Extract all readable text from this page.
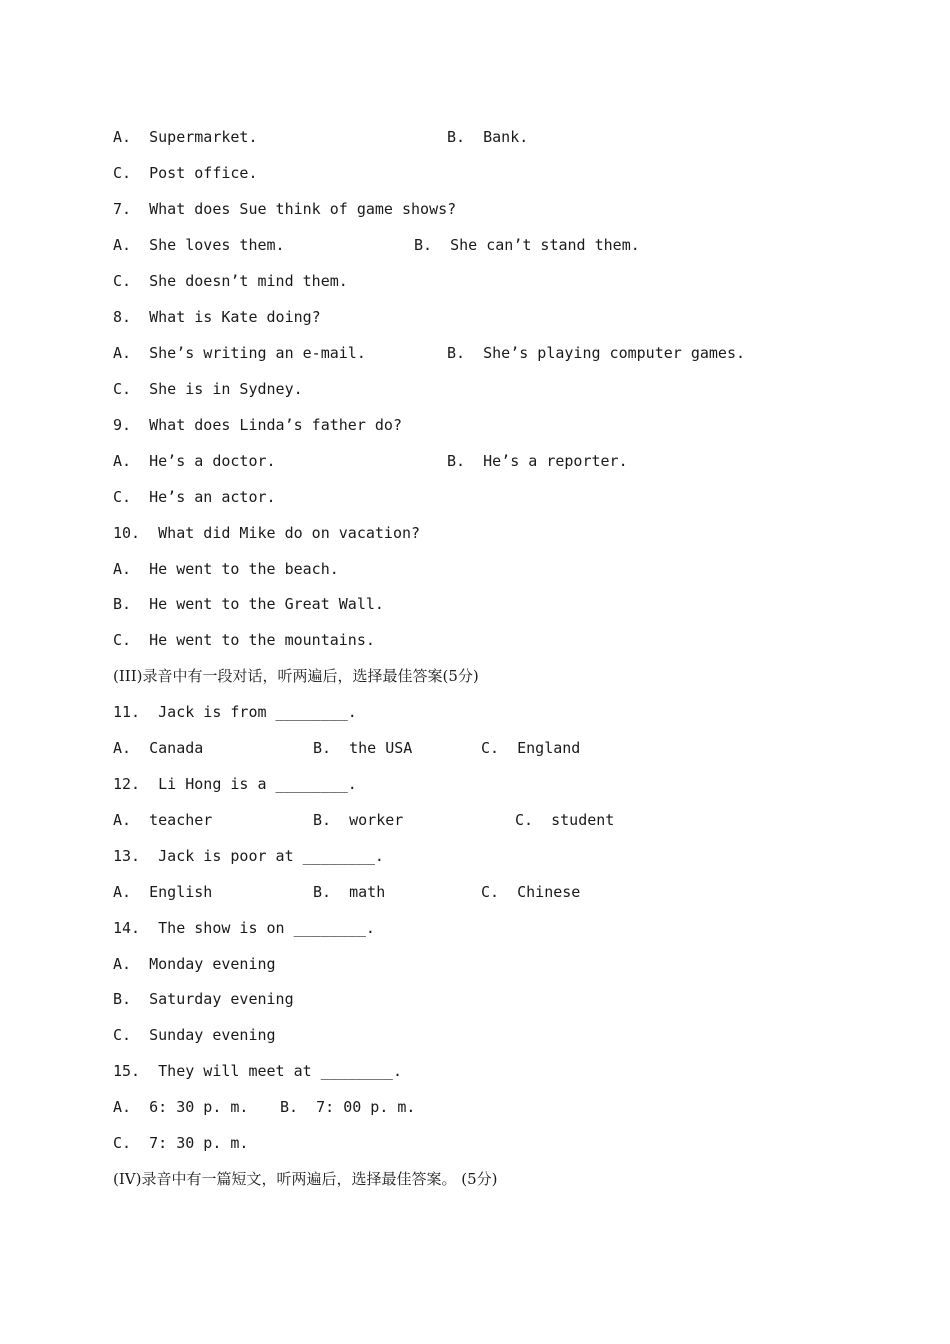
A.  Supermarket.	B.  Bank.
C.  Post office.
7.  What does Sue think of game shows?
A.  She loves them.	B.  She can’t stand them.
C.  She doesn’t mind them.
8.  What is Kate doing?
A.  She’s writing an e-mail.	B.  She’s playing computer games.
C.  She is in Sydney.
9.  What does Linda’s father do?
A.  He’s a doctor.	B.  He’s a reporter.
C.  He’s an actor.
10.  What did Mike do on vacation?
A.  He went to the beach.
B.  He went to the Great Wall.
C.  He went to the mountains.
(III)录音中有一段对话，听两遍后，选择最佳答案(5分)
11.  Jack is from ________.
A.  Canada	B.  the USA	C.  England
12.  Li Hong is a ________.
A.  teacher	B.  worker	C.  student
13.  Jack is poor at ________.
A.  English	B.  math	C.  Chinese
14.  The show is on ________.
A.  Monday evening
B.  Saturday evening
C.  Sunday evening
15.  They will meet at ________.
A.  6: 30 p. m. B.  7: 00 p. m.
C.  7: 30 p. m.
(IV)录音中有一篇短文，听两遍后，选择最佳答案。 (5分)
